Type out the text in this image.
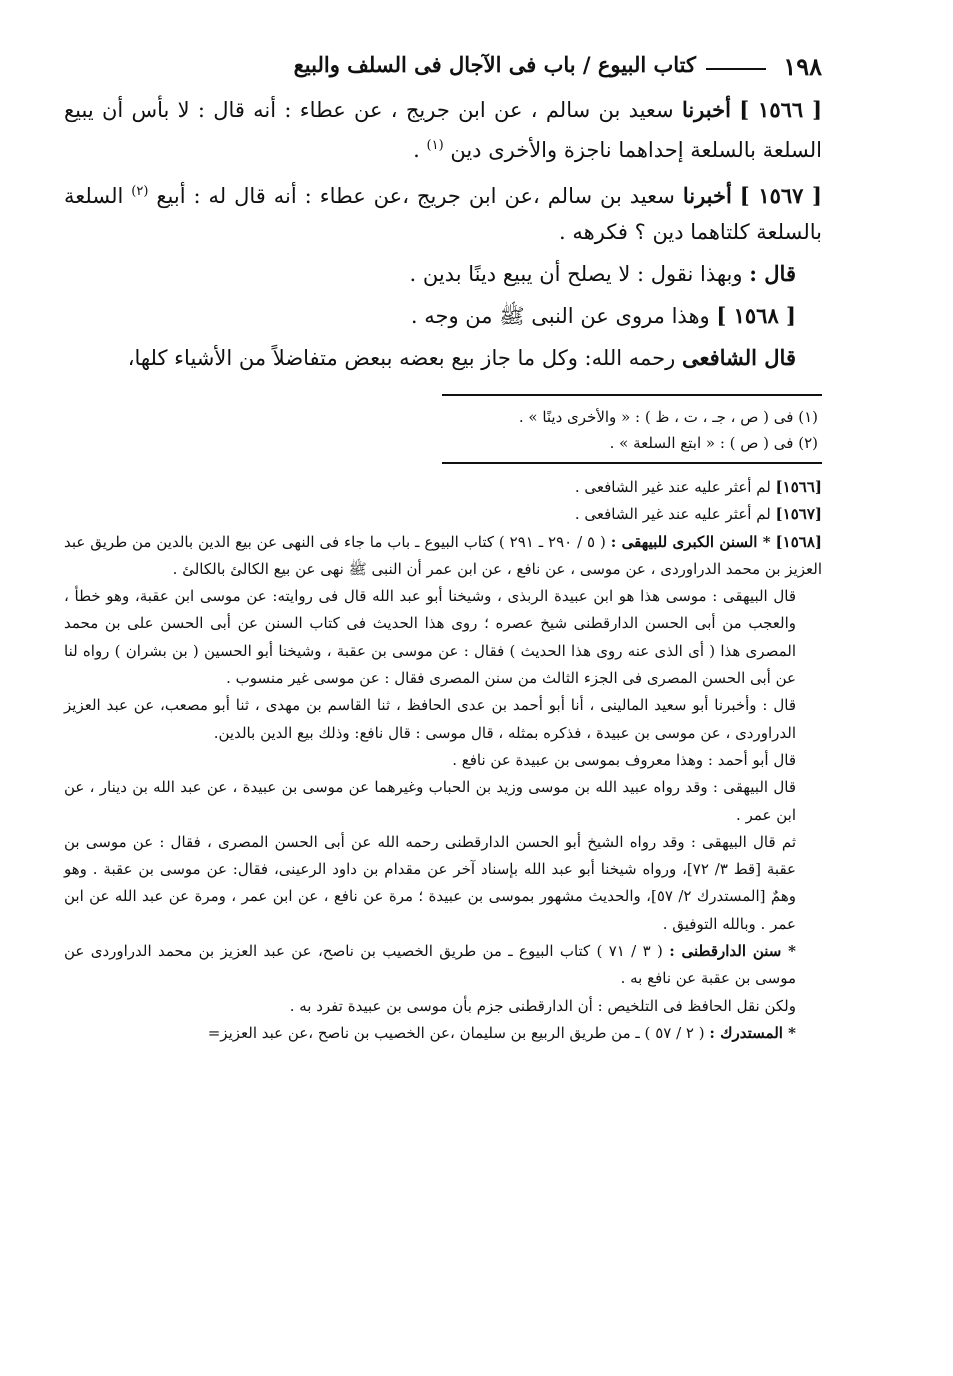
١٩٨
كتاب البيوع / باب فى الآجال فى السلف والبيع

[ ١٥٦٦ ] أخبرنا سعيد بن سالم ، عن ابن جريج ، عن عطاء : أنه قال : لا بأس أن يبيع السلعة بالسلعة إحداهما ناجزة والأخرى دين $^{(١)}$ .

[ ١٥٦٧ ] أخبرنا سعيد بن سالم ،عن ابن جريج ،عن عطاء : أنه قال له : أبيع $^{(٢)}$ السلعة بالسلعة كلتاهما دين ؟ فكرهه .

قال : وبهذا نقول : لا يصلح أن يبيع دينًا بدين .

[ ١٥٦٨ ] وهذا مروى عن النبى ﷺ من وجه .

قال الشافعى رحمه الله: وكل ما جاز بيع بعضه ببعض متفاضلاً من الأشياء كلها،

(١) فى ( ص ، جـ ، ت ، ظ ) : « والأخرى دينًا » .

(٢) فى ( ص ) : « ابتع السلعة » .

[١٥٦٦] لم أعثر عليه عند غير الشافعى .

[١٥٦٧] لم أعثر عليه عند غير الشافعى .

[١٥٦٨] * السنن الكبرى للبيهقى : ( ٥ / ٢٩٠ ـ ٢٩١ ) كتاب البيوع ـ باب ما جاء فى النهى عن بيع الدين بالدين من طريق عبد العزيز بن محمد الدراوردى ، عن موسى ، عن نافع ، عن ابن عمر أن النبى ﷺ نهى عن بيع الكالئ بالكالئ .

قال البيهقى : موسى هذا هو ابن عبيدة الربذى ، وشيخنا أبو عبد الله قال فى روايته: عن موسى ابن عقبة، وهو خطأ ، والعجب من أبى الحسن الدارقطنى شيخ عصره ؛ روى هذا الحديث فى كتاب السنن عن أبى الحسن على بن محمد المصرى هذا ( أى الذى عنه روى هذا الحديث ) فقال : عن موسى بن عقبة ، وشيخنا أبو الحسين ( بن بشران ) رواه لنا عن أبى الحسن المصرى فى الجزء الثالث من سنن المصرى فقال : عن موسى غير منسوب .

قال : وأخبرنا أبو سعيد المالينى ، أنا أبو أحمد بن عدى الحافظ ، ثنا القاسم بن مهدى ، ثنا أبو مصعب، عن عبد العزيز الدراوردى ، عن موسى بن عبيدة ، فذكره بمثله ، قال موسى : قال نافع: وذلك بيع الدين بالدين.

قال أبو أحمد : وهذا معروف بموسى بن عبيدة عن نافع .

قال البيهقى : وقد رواه عبيد الله بن موسى وزيد بن الحباب وغيرهما عن موسى بن عبيدة ، عن عبد الله بن دينار ، عن ابن عمر .

ثم قال البيهقى : وقد رواه الشيخ أبو الحسن الدارقطنى رحمه الله عن أبى الحسن المصرى ، فقال : عن موسى بن عقبة [قط ٣/ ٧٢]، ورواه شيخنا أبو عبد الله بإسناد آخر عن مقدام بن داود الرعينى، فقال: عن موسى بن عقبة . وهو وهمٌ [المستدرك ٢/ ٥٧]، والحديث مشهور بموسى بن عبيدة ؛ مرة عن نافع ، عن ابن عمر ، ومرة عن عبد الله عن ابن عمر . وبالله التوفيق .

* سنن الدارقطنى : ( ٣ / ٧١ ) كتاب البيوع ـ من طريق الخصيب بن ناصح، عن عبد العزيز بن محمد الدراوردى عن موسى بن عقبة عن نافع به .

ولكن نقل الحافظ فى التلخيص : أن الدارقطنى جزم بأن موسى بن عبيدة تفرد به .

* المستدرك : ( ٢ / ٥٧ ) ـ من طريق الربيع بن سليمان ،عن الخصيب بن ناصح ،عن عبد العزيز=
